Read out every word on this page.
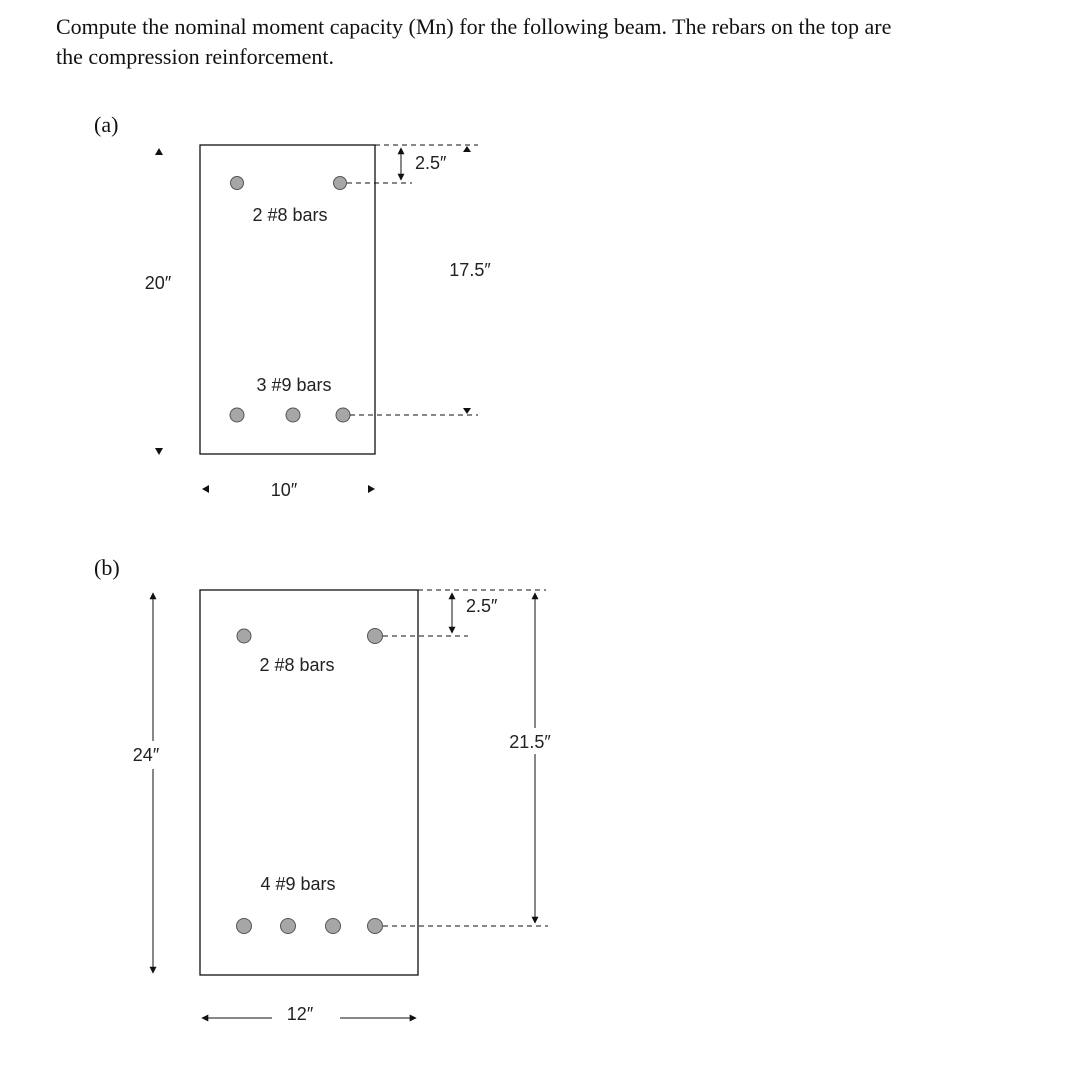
Compute the nominal moment capacity (Mn) for the following beam. The rebars on the top are
the compression reinforcement.
(a)
2 #8 bars
3 #9 bars
2.5″
17.5″
20″
10″
(b)
2 #8 bars
4 #9 bars
2.5″
21.5″
24″
12″
